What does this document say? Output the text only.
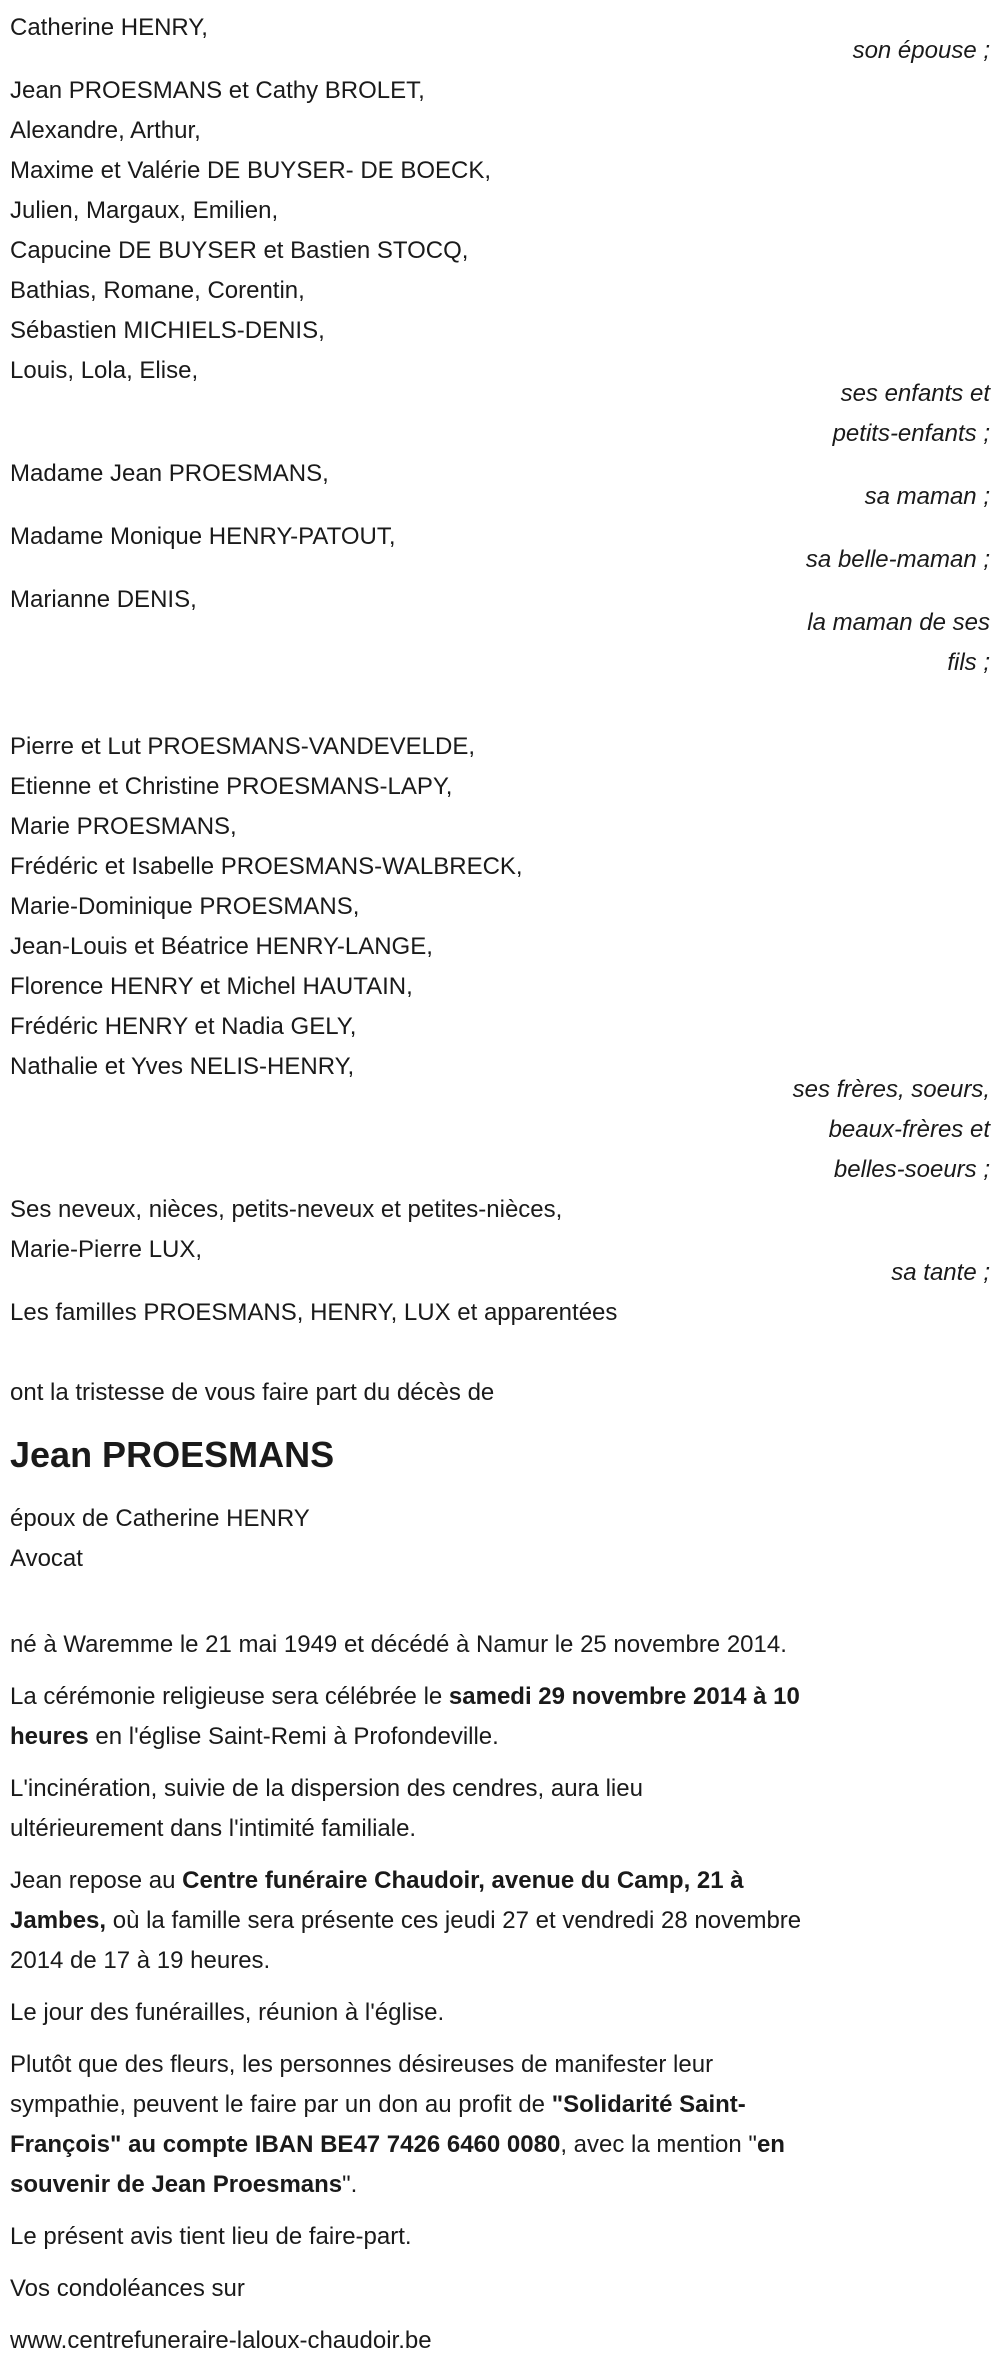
Catherine HENRY,
son épouse ;
Jean PROESMANS et Cathy BROLET,
Alexandre, Arthur,
Maxime et Valérie DE BUYSER- DE BOECK,
Julien, Margaux, Emilien,
Capucine DE BUYSER et Bastien STOCQ,
Bathias, Romane, Corentin,
Sébastien MICHIELS-DENIS,
Louis, Lola, Elise,
ses enfants et
petits-enfants ;
Madame Jean PROESMANS,
sa maman ;
Madame Monique HENRY-PATOUT,
sa belle-maman ;
Marianne DENIS,
la maman de ses
fils ;
Pierre et Lut PROESMANS-VANDEVELDE,
Etienne et Christine PROESMANS-LAPY,
Marie PROESMANS,
Frédéric et Isabelle PROESMANS-WALBRECK,
Marie-Dominique PROESMANS,
Jean-Louis et Béatrice HENRY-LANGE,
Florence HENRY et Michel HAUTAIN,
Frédéric HENRY et Nadia GELY,
Nathalie et Yves NELIS-HENRY,
ses frères, soeurs,
beaux-frères et
belles-soeurs ;
Ses neveux, nièces, petits-neveux et petites-nièces,
Marie-Pierre LUX,
sa tante ;
Les familles PROESMANS, HENRY, LUX et apparentées
ont la tristesse de vous faire part du décès de
Jean PROESMANS
époux de Catherine HENRY
Avocat

né à Waremme le 21 mai 1949 et décédé à Namur le 25 novembre 2014.

La cérémonie religieuse sera célébrée le samedi 29 novembre 2014 à 10
heures en l'église Saint-Remi à Profondeville.

L'incinération, suivie de la dispersion des cendres, aura lieu
ultérieurement dans l'intimité familiale.

Jean repose au Centre funéraire Chaudoir, avenue du Camp, 21 à
Jambes, où la famille sera présente ces jeudi 27 et vendredi 28 novembre
2014 de 17 à 19 heures.

Le jour des funérailles, réunion à l'église.

Plutôt que des fleurs, les personnes désireuses de manifester leur
sympathie, peuvent le faire par un don au profit de "Solidarité Saint-
François" au compte IBAN BE47 7426 6460 0080, avec la mention "en
souvenir de Jean Proesmans".

Le présent avis tient lieu de faire-part.

Vos condoléances sur

www.centrefuneraire-laloux-chaudoir.be
